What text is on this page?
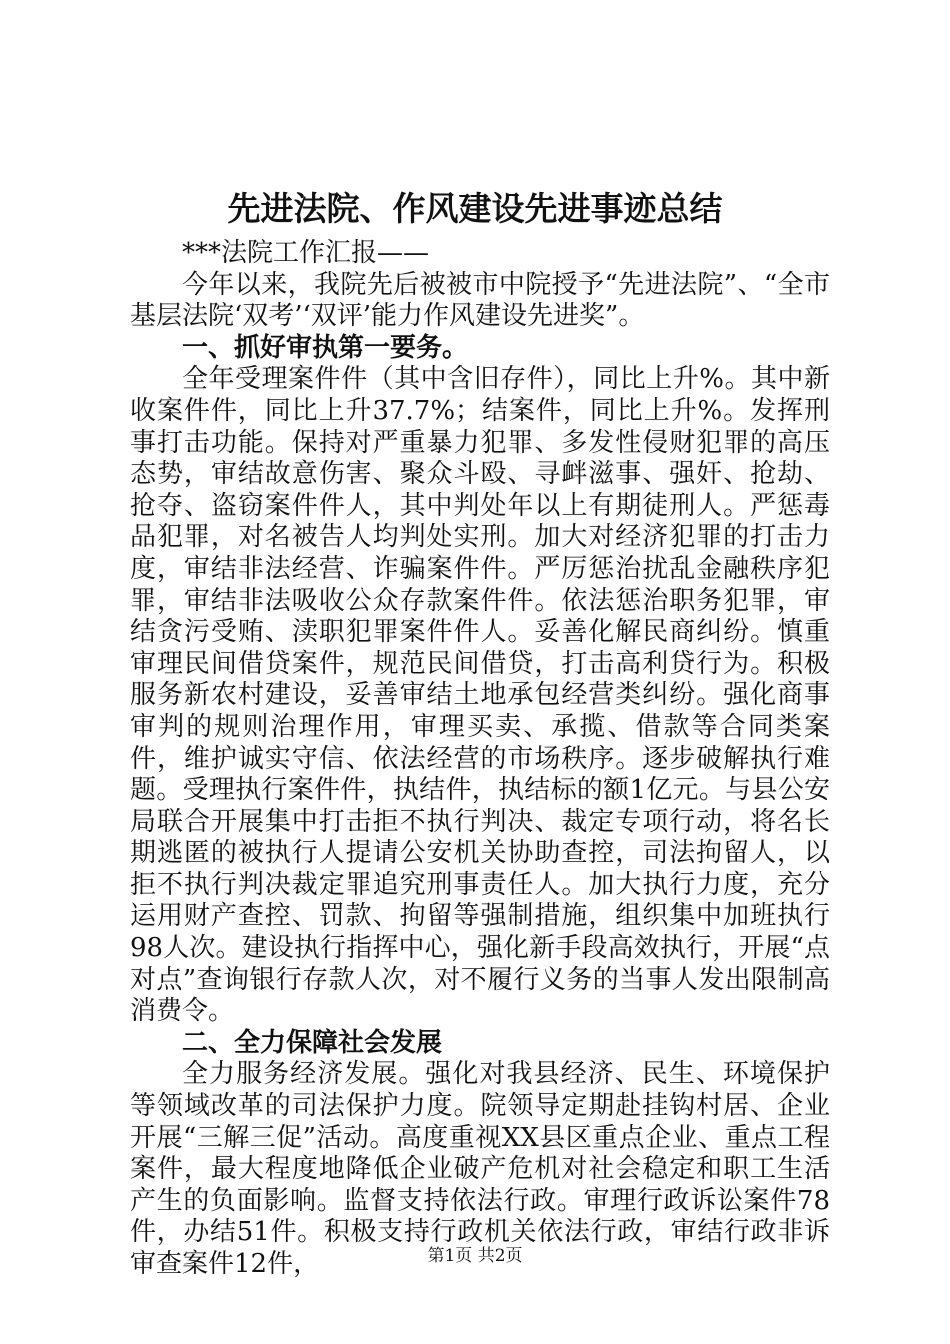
先进法院、作风建设先进事迹总结

***法院工作汇报——

今年以来，我院先后被被市中院授予“先进法院”、“全市基层法院‘双考’‘双评’能力作风建设先进奖”。

一、抓好审执第一要务。

全年受理案件件（其中含旧存件），同比上升%。其中新收案件件，同比上升37.7%；结案件，同比上升%。发挥刑事打击功能。保持对严重暴力犯罪、多发性侵财犯罪的高压态势，审结故意伤害、聚众斗殴、寻衅滋事、强奸、抢劫、抢夺、盗窃案件件人，其中判处年以上有期徒刑人。严惩毒品犯罪，对名被告人均判处实刑。加大对经济犯罪的打击力度，审结非法经营、诈骗案件件。严厉惩治扰乱金融秩序犯罪，审结非法吸收公众存款案件件。依法惩治职务犯罪，审结贪污受贿、渎职犯罪案件件人。妥善化解民商纠纷。慎重审理民间借贷案件，规范民间借贷，打击高利贷行为。积极服务新农村建设，妥善审结土地承包经营类纠纷。强化商事审判的规则治理作用，审理买卖、承揽、借款等合同类案件，维护诚实守信、依法经营的市场秩序。逐步破解执行难题。受理执行案件件，执结件，执结标的额1亿元。与县公安局联合开展集中打击拒不执行判决、裁定专项行动，将名长期逃匿的被执行人提请公安机关协助查控，司法拘留人，以拒不执行判决裁定罪追究刑事责任人。加大执行力度，充分运用财产查控、罚款、拘留等强制措施，组织集中加班执行98人次。建设执行指挥中心，强化新手段高效执行，开展“点对点”查询银行存款人次，对不履行义务的当事人发出限制高消费令。

二、全力保障社会发展

全力服务经济发展。强化对我县经济、民生、环境保护等领域改革的司法保护力度。院领导定期赴挂钩村居、企业开展“三解三促”活动。高度重视XX县区重点企业、重点工程案件，最大程度地降低企业破产危机对社会稳定和职工生活产生的负面影响。监督支持依法行政。审理行政诉讼案件78件，办结51件。积极支持行政机关依法行政，审结行政非诉审查案件12件，	第1页 共2页
